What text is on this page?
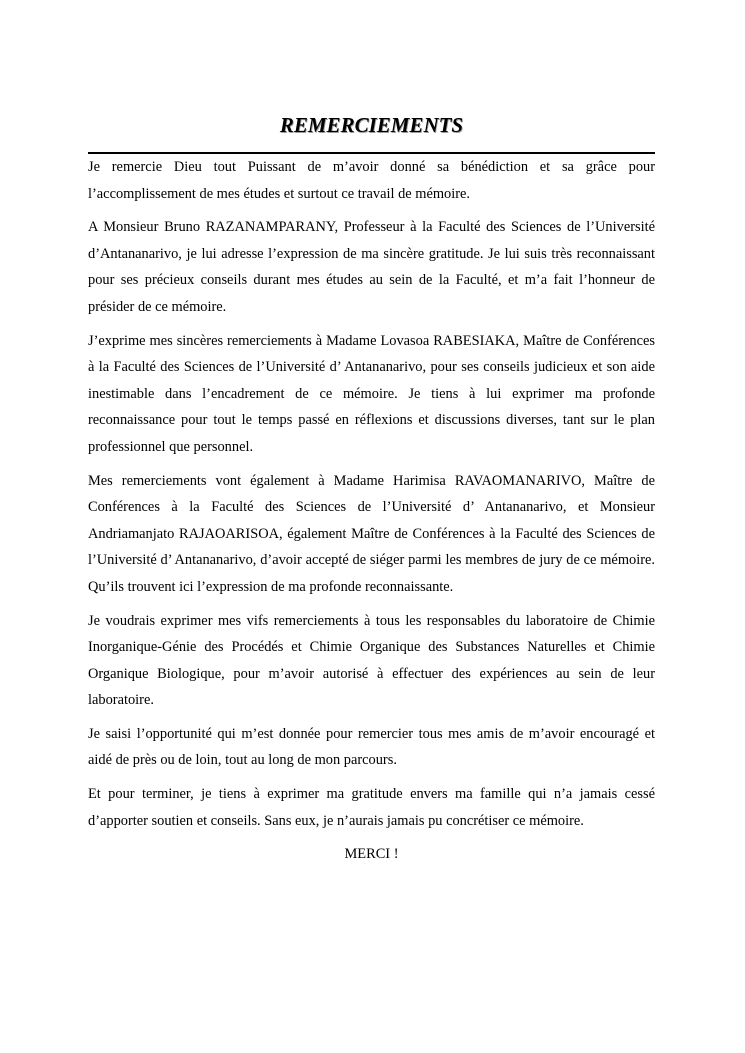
REMERCIEMENTS

Je remercie Dieu tout Puissant de m’avoir donné sa bénédiction et sa grâce pour l’accomplissement de mes études et surtout ce travail de mémoire.

A Monsieur Bruno RAZANAMPARANY, Professeur à la Faculté des Sciences de l’Université d’Antananarivo, je lui adresse l’expression de ma sincère gratitude. Je lui suis très reconnaissant pour ses précieux conseils durant mes études au sein de la Faculté, et m’a fait l’honneur de présider de ce mémoire.

J’exprime mes sincères remerciements à Madame Lovasoa RABESIAKA, Maître de Conférences à la Faculté des Sciences de l’Université d’ Antananarivo, pour ses conseils judicieux et son aide inestimable dans l’encadrement de ce mémoire. Je tiens à lui exprimer ma profonde reconnaissance pour tout le temps passé en réflexions et discussions diverses, tant sur le plan professionnel que personnel.

Mes remerciements vont également à Madame Harimisa RAVAOMANARIVO, Maître de Conférences à la Faculté des Sciences de l’Université d’ Antananarivo, et Monsieur Andriamanjato RAJAOARISOA, également Maître de Conférences à la Faculté des Sciences de l’Université d’ Antananarivo, d’avoir accepté de siéger parmi les membres de jury de ce mémoire. Qu’ils trouvent ici l’expression de ma profonde reconnaissante.

Je voudrais exprimer mes vifs remerciements à tous les responsables du laboratoire de Chimie Inorganique-Génie des Procédés et Chimie Organique des Substances Naturelles et Chimie Organique Biologique, pour m’avoir autorisé à effectuer des expériences au sein de leur laboratoire.

Je saisi l’opportunité qui m’est donnée pour remercier tous mes amis de m’avoir encouragé et aidé de près ou de loin, tout au long de mon parcours.

Et pour terminer, je tiens à exprimer ma gratitude envers ma famille qui n’a jamais cessé d’apporter soutien et conseils. Sans eux, je n’aurais jamais pu concrétiser ce mémoire.

MERCI !
